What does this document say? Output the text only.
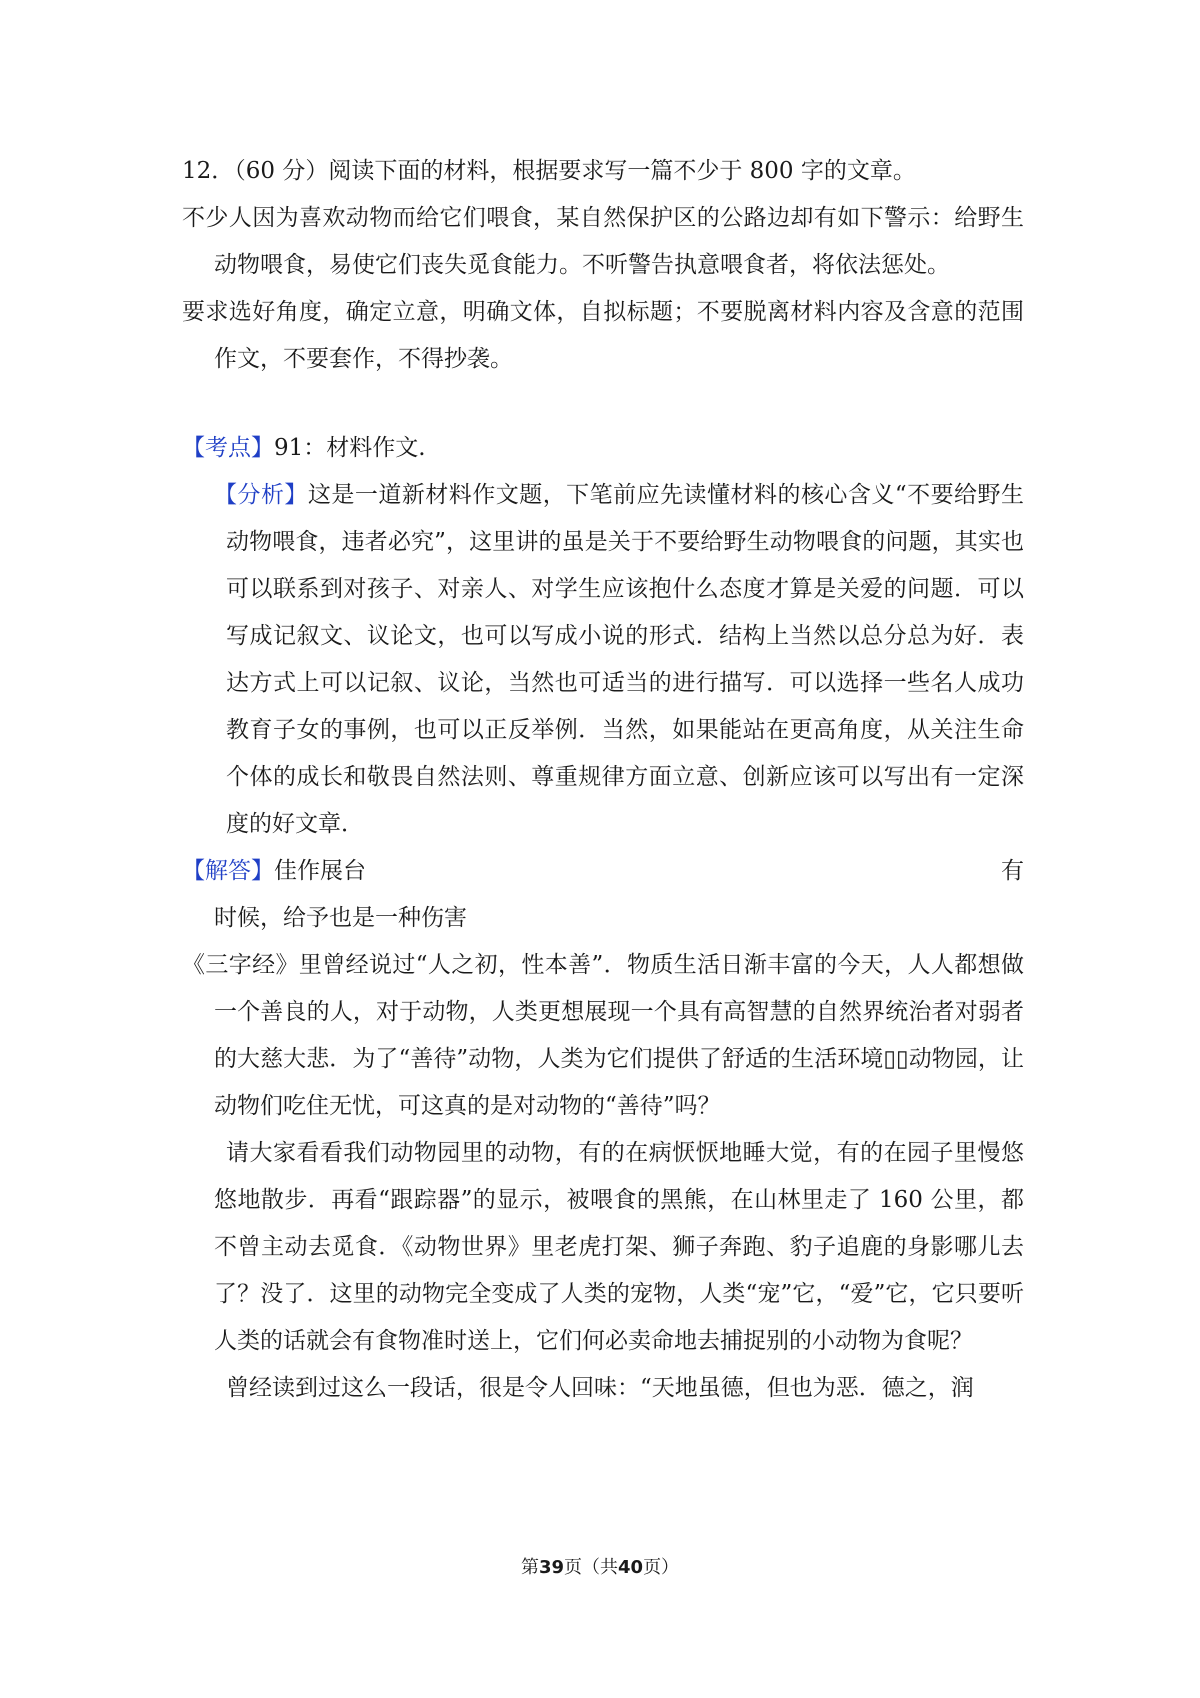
12．（60 分）阅读下面的材料，根据要求写一篇不少于 800 字的文章。

不少人因为喜欢动物而给它们喂食，某自然保护区的公路边却有如下警示：给野生动物喂食，易使它们丧失觅食能力。不听警告执意喂食者，将依法惩处。

要求选好角度，确定立意，明确文体，自拟标题；不要脱离材料内容及含意的范围作文，不要套作，不得抄袭。

【考点】91：材料作文.

【分析】这是一道新材料作文题，下笔前应先读懂材料的核心含义“不要给野生动物喂食，违者必究”，这里讲的虽是关于不要给野生动物喂食的问题，其实也可以联系到对孩子、对亲人、对学生应该抱什么态度才算是关爱的问题．可以写成记叙文、议论文，也可以写成小说的形式．结构上当然以总分总为好．表达方式上可以记叙、议论，当然也可适当的进行描写．可以选择一些名人成功教育子女的事例，也可以正反举例．当然，如果能站在更高角度，从关注生命个体的成长和敬畏自然法则、尊重规律方面立意、创新应该可以写出有一定深度的好文章．

【解答】佳作展台	有

时候，给予也是一种伤害

《三字经》里曾经说过“人之初，性本善”．物质生活日渐丰富的今天，人人都想做一个善良的人，对于动物，人类更想展现一个具有高智慧的自然界统治者对弱者的大慈大悲．为了“善待”动物，人类为它们提供了舒适的生活环境▯▯动物园，让动物们吃住无忧，可这真的是对动物的“善待”吗？

请大家看看我们动物园里的动物，有的在病恹恹地睡大觉，有的在园子里慢悠悠地散步．再看“跟踪器”的显示，被喂食的黑熊，在山林里走了 160 公里，都不曾主动去觅食．《动物世界》里老虎打架、狮子奔跑、豹子追鹿的身影哪儿去了？没了．这里的动物完全变成了人类的宠物，人类“宠”它，“爱”它，它只要听人类的话就会有食物准时送上，它们何必卖命地去捕捉别的小动物为食呢？

曾经读到过这么一段话，很是令人回味：“天地虽德，但也为恶．德之，润

第39页（共40页）
